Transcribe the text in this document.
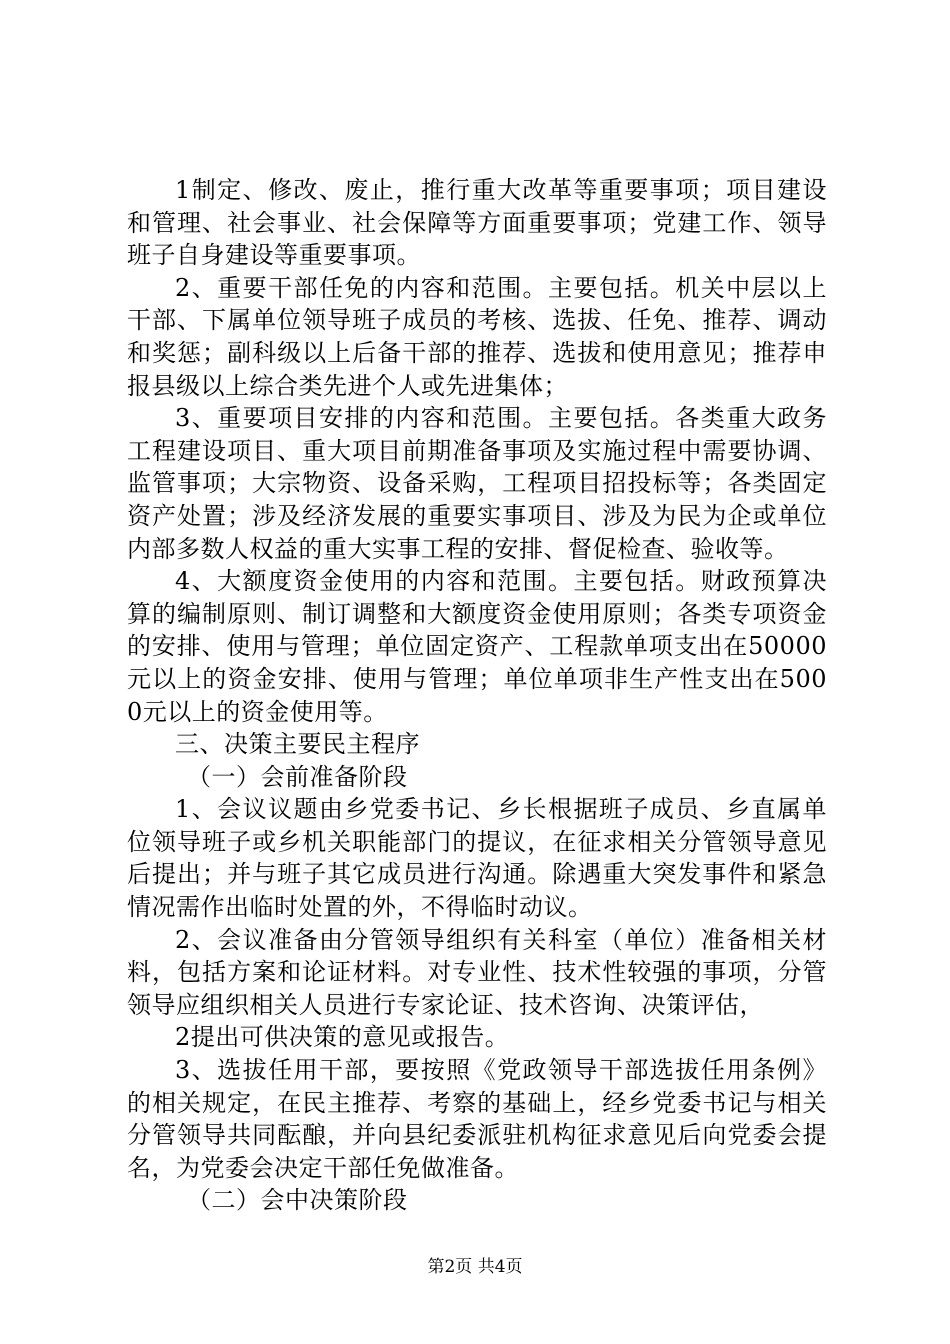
1制定、修改、废止，推行重大改革等重要事项；项目建设和管理、社会事业、社会保障等方面重要事项；党建工作、领导班子自身建设等重要事项。

2、重要干部任免的内容和范围。主要包括。机关中层以上干部、下属单位领导班子成员的考核、选拔、任免、推荐、调动和奖惩；副科级以上后备干部的推荐、选拔和使用意见；推荐申报县级以上综合类先进个人或先进集体；

3、重要项目安排的内容和范围。主要包括。各类重大政务工程建设项目、重大项目前期准备事项及实施过程中需要协调、监管事项；大宗物资、设备采购，工程项目招投标等；各类固定资产处置；涉及经济发展的重要实事项目、涉及为民为企或单位内部多数人权益的重大实事工程的安排、督促检查、验收等。

4、大额度资金使用的内容和范围。主要包括。财政预算决算的编制原则、制订调整和大额度资金使用原则；各类专项资金的安排、使用与管理；单位固定资产、工程款单项支出在50000元以上的资金安排、使用与管理；单位单项非生产性支出在5000元以上的资金使用等。

三、决策主要民主程序

（一）会前准备阶段

1、会议议题由乡党委书记、乡长根据班子成员、乡直属单位领导班子或乡机关职能部门的提议，在征求相关分管领导意见后提出；并与班子其它成员进行沟通。除遇重大突发事件和紧急情况需作出临时处置的外，不得临时动议。

2、会议准备由分管领导组织有关科室（单位）准备相关材料，包括方案和论证材料。对专业性、技术性较强的事项，分管领导应组织相关人员进行专家论证、技术咨询、决策评估，

2提出可供决策的意见或报告。

3、选拔任用干部，要按照《党政领导干部选拔任用条例》的相关规定，在民主推荐、考察的基础上，经乡党委书记与相关分管领导共同酝酿，并向县纪委派驻机构征求意见后向党委会提名，为党委会决定干部任免做准备。

（二）会中决策阶段

第2页 共4页
